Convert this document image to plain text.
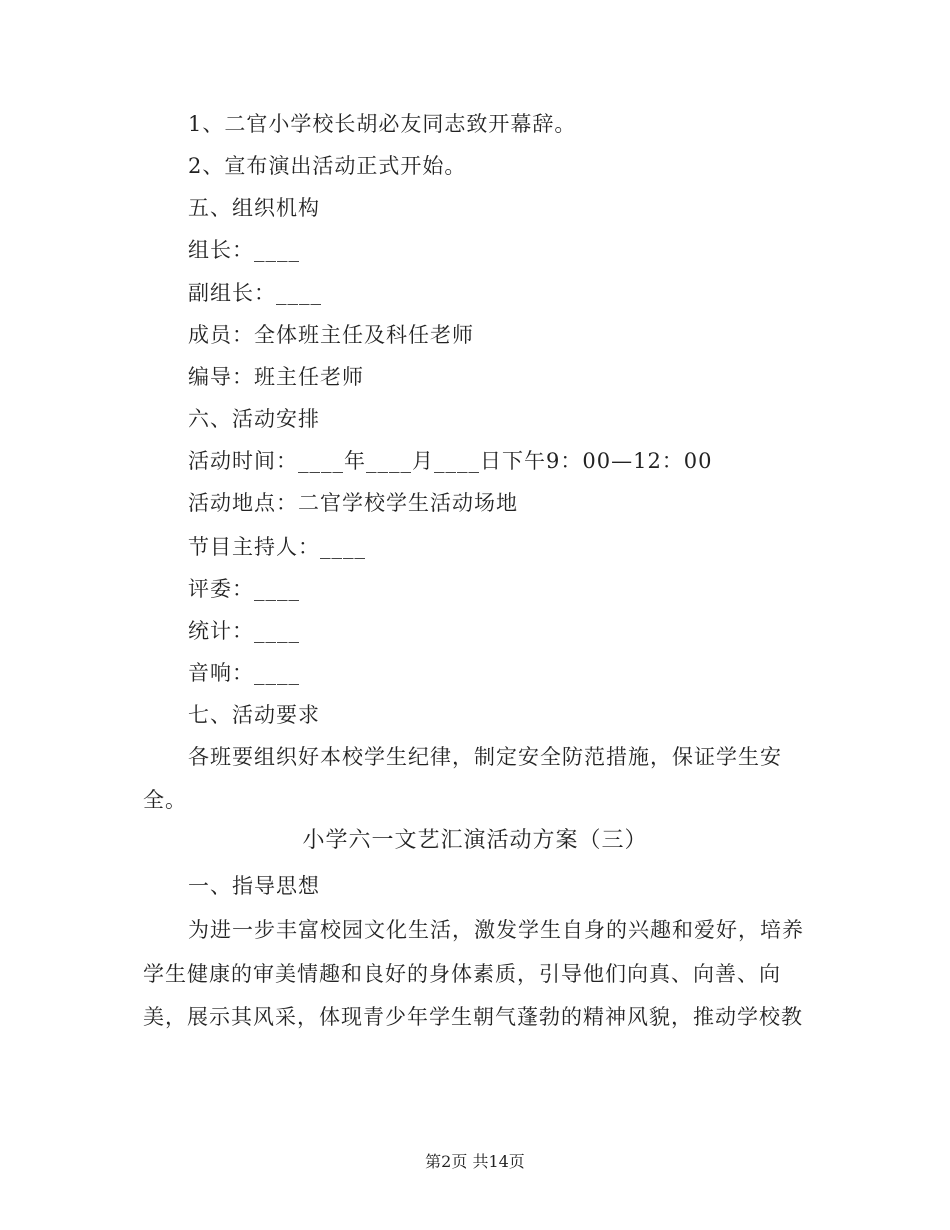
1、二官小学校长胡必友同志致开幕辞。
2、宣布演出活动正式开始。
五、组织机构
组长：____
副组长：____
成员：全体班主任及科任老师
编导：班主任老师
六、活动安排
活动时间：____年____月____日下午9：00—12：00
活动地点：二官学校学生活动场地
节目主持人：____
评委：____
统计：____
音响：____
七、活动要求
各班要组织好本校学生纪律，制定安全防范措施，保证学生安
全。
小学六一文艺汇演活动方案（三）
一、指导思想
为进一步丰富校园文化生活，激发学生自身的兴趣和爱好，培养
学生健康的审美情趣和良好的身体素质，引导他们向真、向善、向
美，展示其风采，体现青少年学生朝气蓬勃的精神风貌，推动学校教
第2页 共14页
